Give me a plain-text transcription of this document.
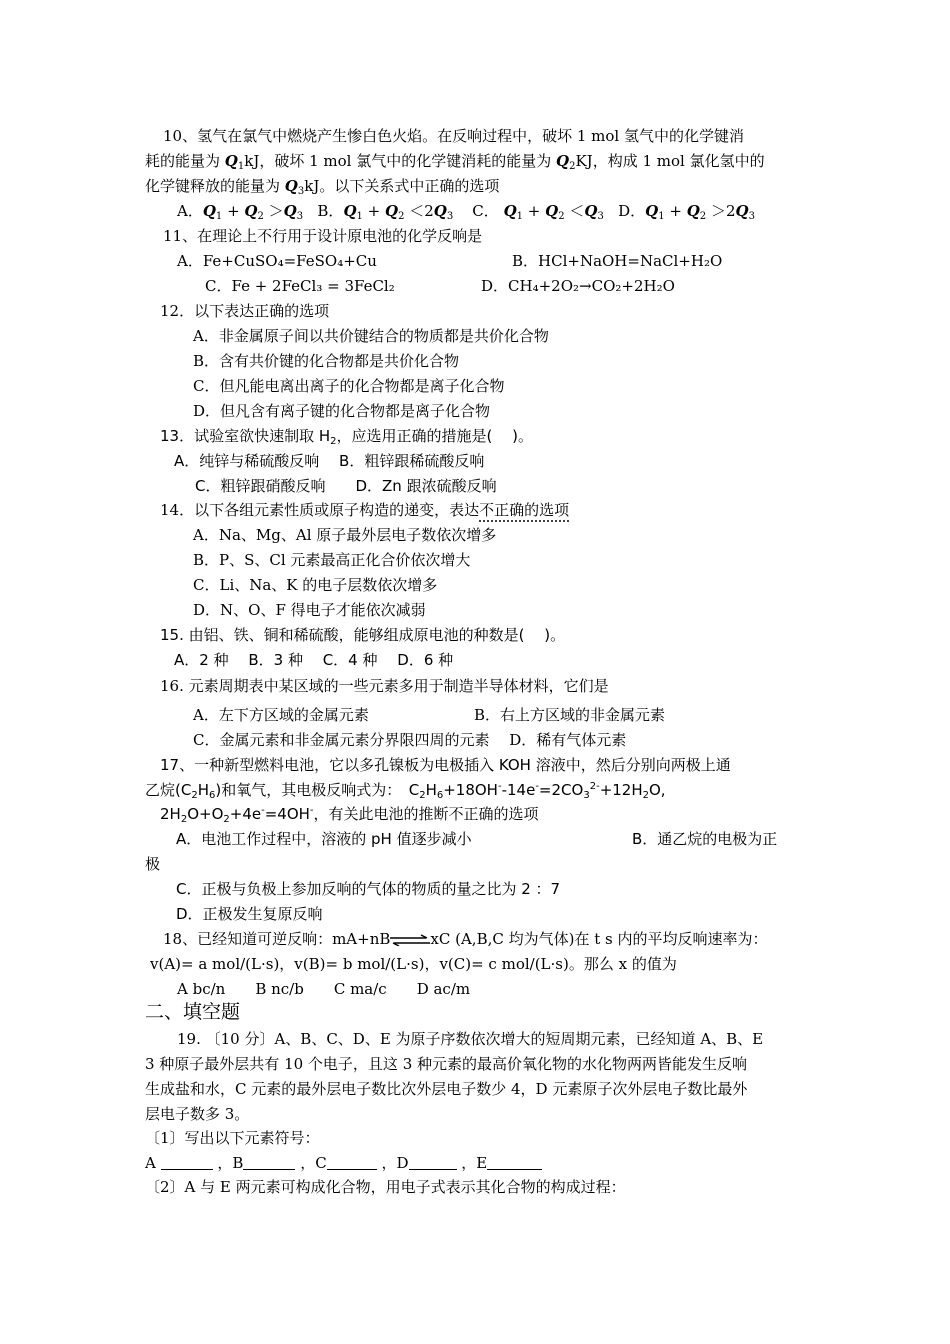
10、氢气在氯气中燃烧产生惨白色火焰。在反响过程中，破坏 1 mol 氢气中的化学键消
耗的能量为 $Q_1kJ$，破坏 1 mol 氯气中的化学键消耗的能量为 $Q_2KJ$，构成 1 mol 氯化氢中的
化学键释放的能量为 $Q_3kJ$。以下关系式中正确的选项
A．$Q_1 + Q_2 >Q_3$ B．$Q_1 + Q_2 <2Q_3$ C． $Q_1 + Q_2 <Q_3$ D．$Q_1 + Q_2 >2Q_3$
11、在理论上不行用于设计原电池的化学反响是
A．Fe+CuSO₄=FeSO₄+Cu	B．HCl+NaOH=NaCl+H₂O
C．Fe + 2FeCl₃ = 3FeCl₂	D．CH₄+2O₂→CO₂+2H₂O
12．以下表达正确的选项
A．非金属原子间以共价键结合的物质都是共价化合物
B．含有共价键的化合物都是共价化合物
C．但凡能电离出离子的化合物都是离子化合物
D．但凡含有离子键的化合物都是离子化合物
13．试验室欲快速制取 $H_2$，应选用正确的措施是(　 )。
A．纯锌与稀硫酸反响　 B．粗锌跟稀硫酸反响
C．粗锌跟硝酸反响　　D．Zn 跟浓硫酸反响
14．以下各组元素性质或原子构造的递变，表达不正确的选项
A．Na、Mg、Al 原子最外层电子数依次增多
B．P、S、Cl 元素最高正化合价依次增大
C．Li、Na、K 的电子层数依次增多
D．N、O、F 得电子才能依次减弱
15. 由铝、铁、铜和稀硫酸，能够组成原电池的种数是(　 )。
A．2 种　 B．3 种　 C．4 种　 D．6 种
16. 元素周期表中某区域的一些元素多用于制造半导体材料，它们是
A．左下方区域的金属元素	B．右上方区域的非金属元素
C．金属元素和非金属元素分界限四周的元素　 D．稀有气体元素
17、一种新型燃料电池，它以多孔镍板为电极插入 KOH 溶液中，然后分别向两极上通
乙烷$(C_2H_6)$和氧气，其电极反响式为：　$C_2H_6+18OH^--14e^-=2CO_3^{2-}+12H_2O$,
$2H_2O+O_2+4e^-=4OH^-$，有关此电池的推断不正确的选项
A．电池工作过程中，溶液的 pH 值逐步减小	B．通乙烷的电极为正
极
C．正极与负极上参加反响的气体的物质的量之比为 2 ：7
D．正极发生复原反响
18、已经知道可逆反响：mA+nB⇌xC (A,B,C 均为气体)在 t s 内的平均反响速率为：
v(A)= a mol/(L·s)，v(B)= b mol/(L·s)，v(C)= c mol/(L·s)。那么 x 的值为
A bc/n　　B nc/b　　C ma/c　　D ac/m
二、填空题
19. 〔10 分〕A、B、C、D、E 为原子序数依次增大的短周期元素，已经知道 A、B、E
3 种原子最外层共有 10 个电子，且这 3 种元素的最高价氧化物的水化物两两皆能发生反响
生成盐和水，C 元素的最外层电子数比次外层电子数少 4，D 元素原子次外层电子数比最外
层电子数多 3。
〔1〕写出以下元素符号：
A	，B	，C	，D	，E
〔2〕A 与 E 两元素可构成化合物，用电子式表示其化合物的构成过程：
